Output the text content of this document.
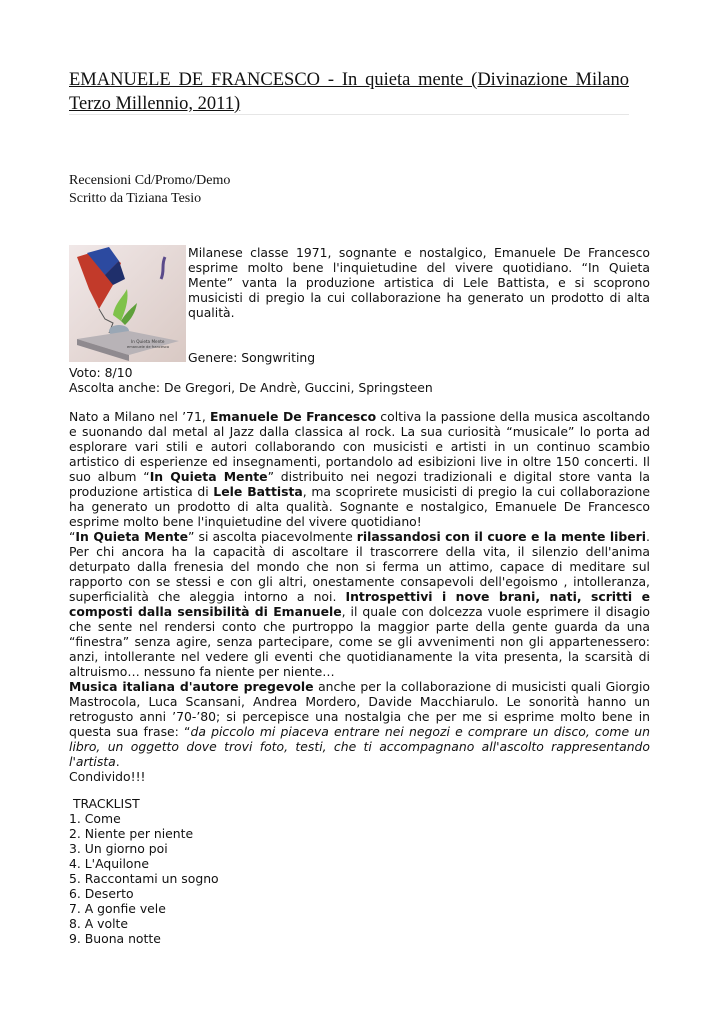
EMANUELE DE FRANCESCO - In quieta mente (Divinazione Milano
Terzo Millennio, 2011)
Recensioni Cd/Promo/Demo
Scritto da Tiziana Tesio
In Quieta Mente
emanuele de francesco
Milanese classe 1971, sognante e nostalgico, Emanuele De Francesco esprime molto bene l'inquietudine del vivere quotidiano. “In Quieta Mente” vanta la produzione artistica di Lele Battista, e si scoprono musicisti di pregio la cui collaborazione ha generato un prodotto di alta qualità.
Genere: Songwriting
Voto: 8/10
Ascolta anche: De Gregori, De Andrè, Guccini, Springsteen

Nato a Milano nel ’71, Emanuele De Francesco coltiva la passione della musica ascoltando e suonando dal metal al Jazz dalla classica al rock. La sua curiosità “musicale” lo porta ad esplorare vari stili e autori collaborando con musicisti e artisti in un continuo scambio artistico di esperienze ed insegnamenti, portandolo ad esibizioni live in oltre 150 concerti. Il suo album “In Quieta Mente” distribuito nei negozi tradizionali e digital store vanta la produzione artistica di Lele Battista, ma scoprirete musicisti di pregio la cui collaborazione ha generato un prodotto di alta qualità. Sognante e nostalgico, Emanuele De Francesco esprime molto bene l'inquietudine del vivere quotidiano!

“In Quieta Mente” si ascolta piacevolmente rilassandosi con il cuore e la mente liberi. Per chi ancora ha la capacità di ascoltare il trascorrere della vita, il silenzio dell'anima deturpato dalla frenesia del mondo che non si ferma un attimo, capace di meditare sul rapporto con se stessi e con gli altri, onestamente consapevoli dell'egoismo , intolleranza, superficialità che aleggia intorno a noi. Introspettivi i nove brani, nati, scritti e composti dalla sensibilità di Emanuele, il quale con dolcezza vuole esprimere il disagio che sente nel rendersi conto che purtroppo la maggior parte della gente guarda da una “finestra” senza agire, senza partecipare, come se gli avvenimenti non gli appartenessero: anzi, intollerante nel vedere gli eventi che quotidianamente la vita presenta, la scarsità di altruismo… nessuno fa niente per niente…

Musica italiana d'autore pregevole anche per la collaborazione di musicisti quali Giorgio Mastrocola, Luca Scansani, Andrea Mordero, Davide Macchiarulo. Le sonorità hanno un retrogusto anni ’70-’80; si percepisce una nostalgia che per me si esprime molto bene in questa sua frase: “da piccolo mi piaceva entrare nei negozi e comprare un disco, come un libro, un oggetto dove trovi foto, testi, che ti accompagnano all'ascolto rappresentando l'artista.

Condivido!!!

TRACKLIST
1. Come
2. Niente per niente
3. Un giorno poi
4. L'Aquilone
5. Raccontami un sogno
6. Deserto
7. A gonfie vele
8. A volte
9. Buona notte
